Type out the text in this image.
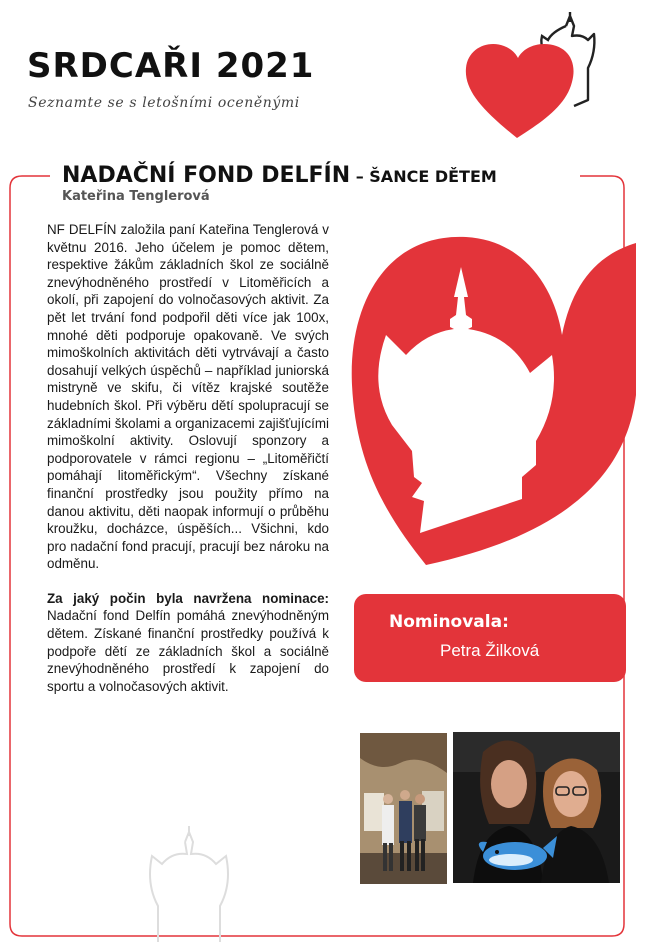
SRDCAŘI 2021
Seznamte se s letošními oceněnými
NADAČNÍ FOND DELFÍN – ŠANCE DĚTEM
Kateřina Tenglerová

NF DELFÍN založila paní Kateřina Tenglerová v květnu 2016. Jeho účelem je pomoc dětem, respektive žákům základních škol ze sociálně znevýhodněného prostředí v Litoměřicích a okolí, při zapojení do volnočasových aktivit. Za pět let trvání fond podpořil děti více jak 100x, mnohé děti podporuje opakovaně. Ve svých mimoškolních aktivitách děti vytrvávají a často dosahují velkých úspěchů – například juniorská mistryně ve skifu, či vítěz krajské soutěže hudebních škol. Při výběru dětí spolupracují se základními školami a organizacemi zajišťujícími mimoškolní aktivity. Oslovují sponzory a podporovatele v rámci regionu – „Litoměřičtí pomáhají litoměřickým“. Všechny získané finanční prostředky jsou použity přímo na danou aktivitu, děti naopak informují o průběhu kroužku, docházce, úspěších... Všichni, kdo pro nadační fond pracují, pracují bez nároku na odměnu.

Za jaký počin byla navržena nominace: Nadační fond Delfín pomáhá znevýhodněným dětem. Získané finanční prostředky používá k podpoře dětí ze základních škol a sociálně znevýhodněného prostředí k zapojení do sportu a volnočasových aktivit.

Nominovala:
Petra Žilková
